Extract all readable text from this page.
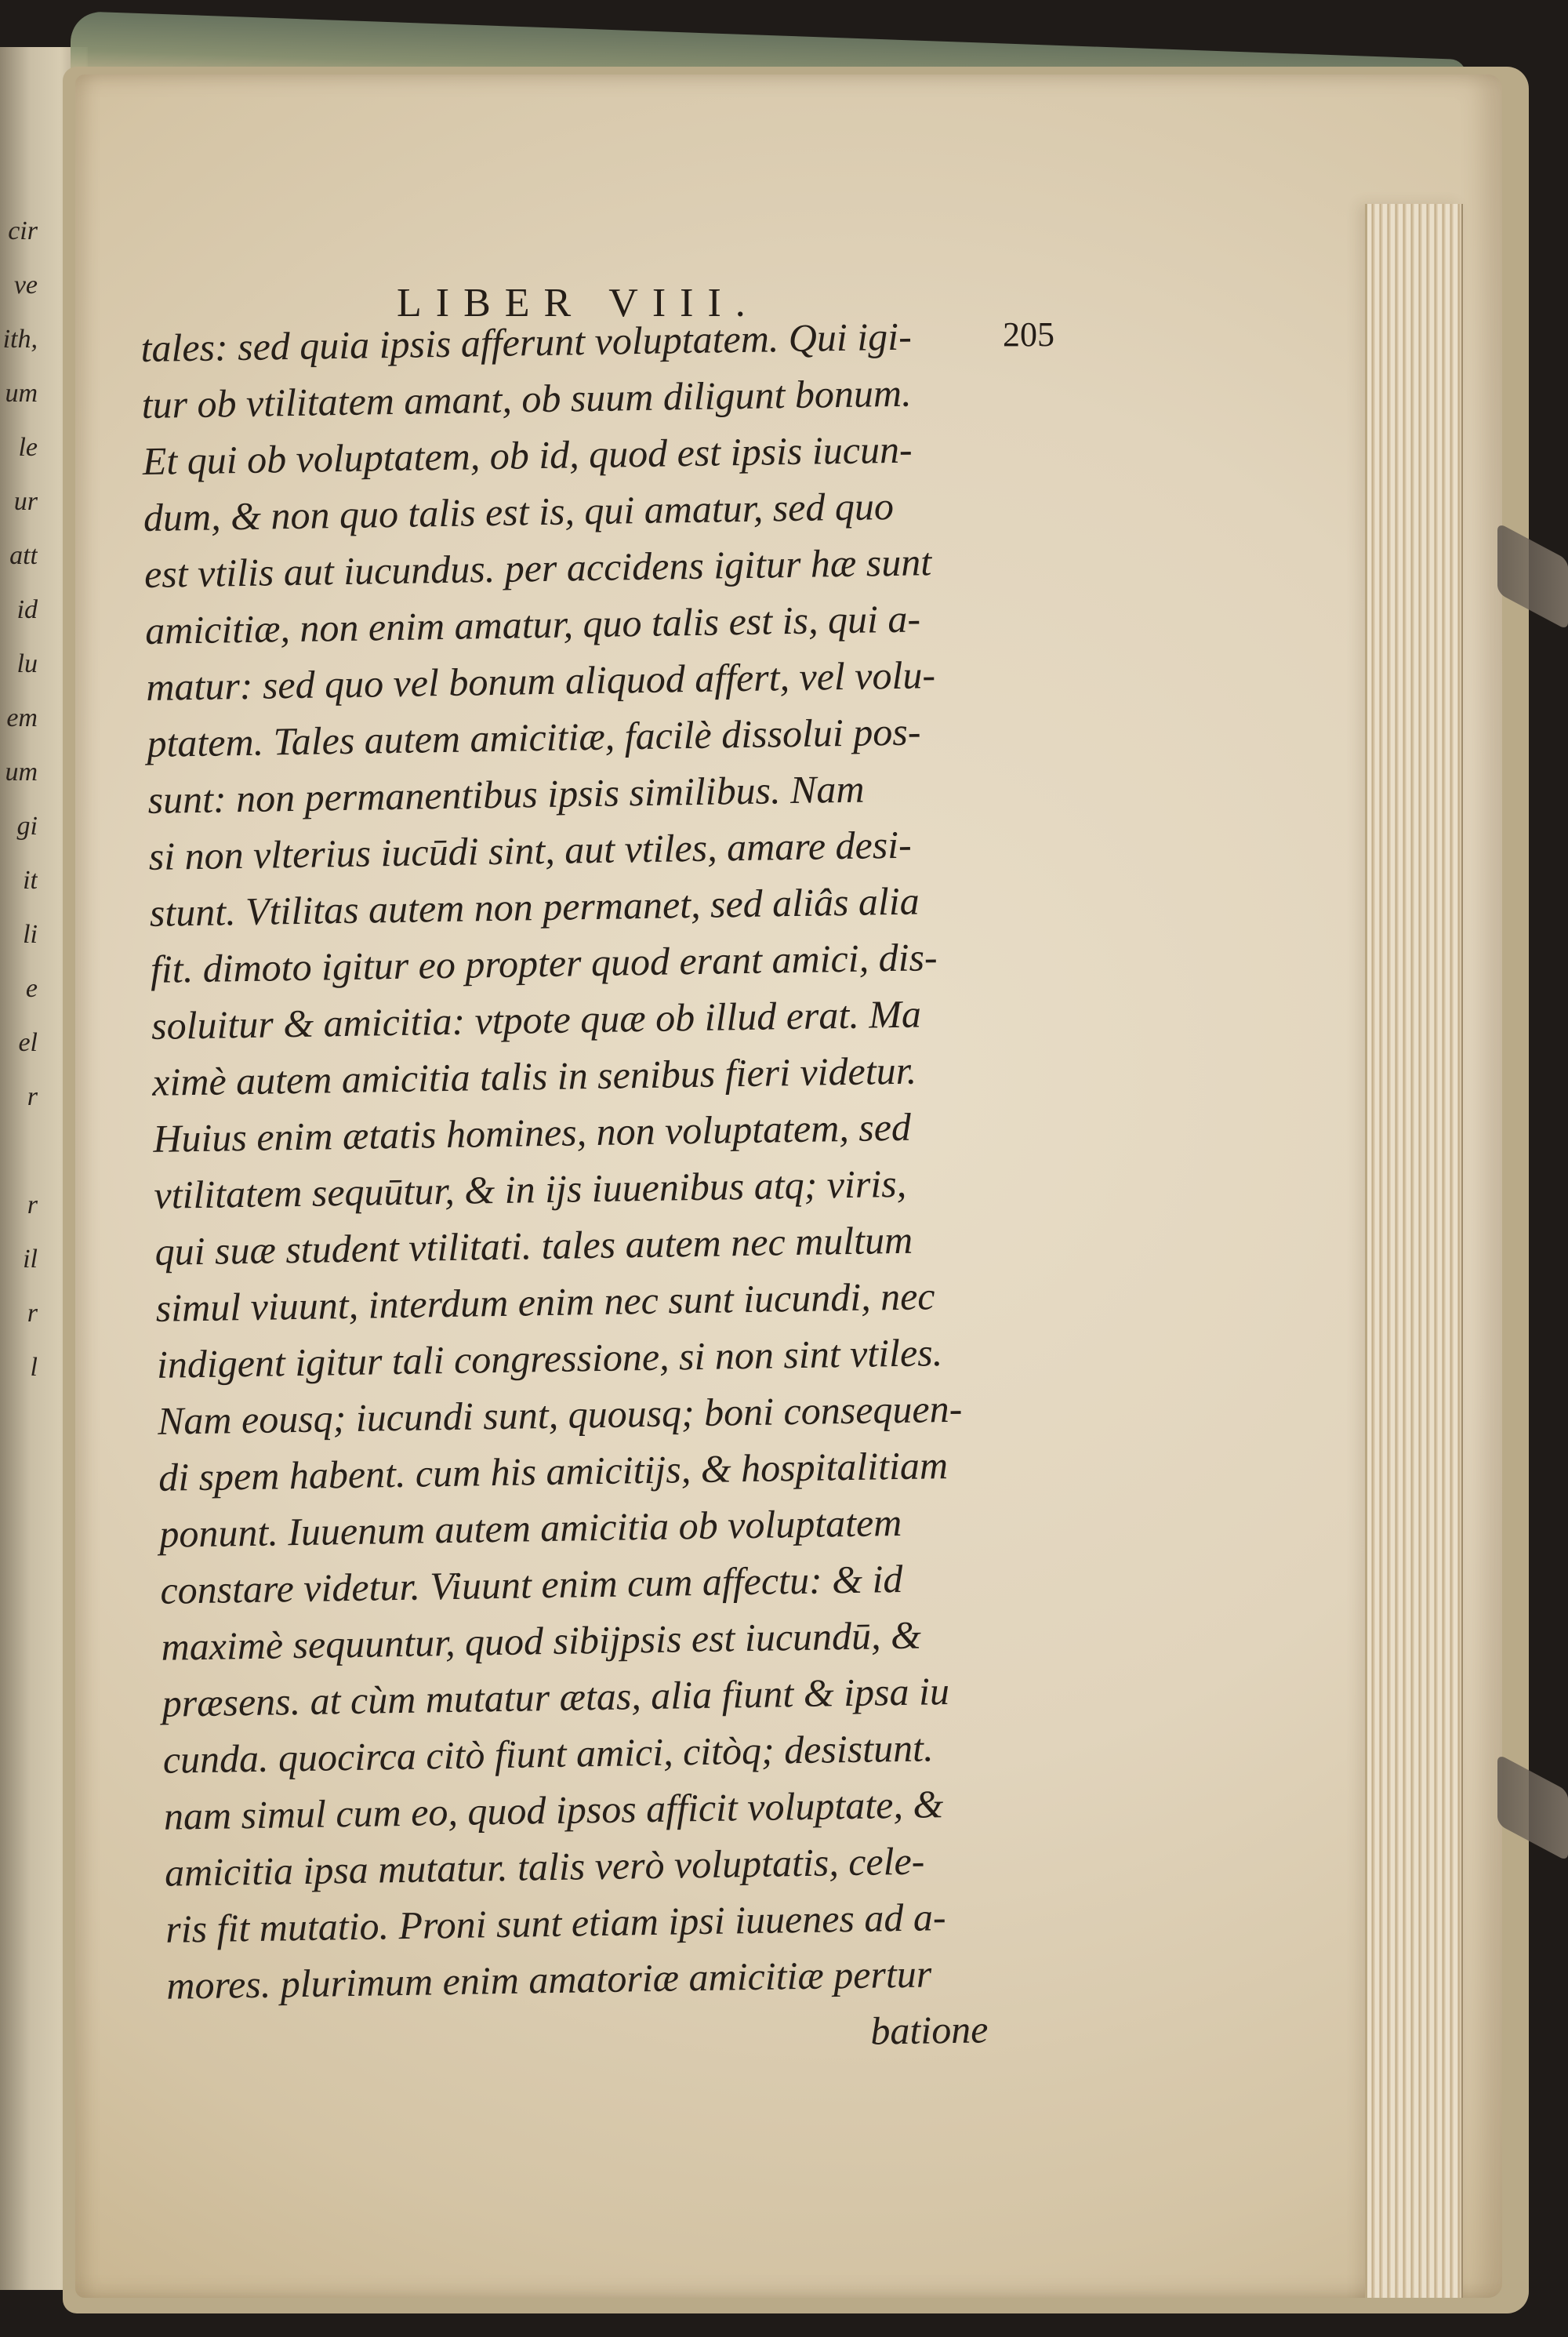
cir
ve
ith,
um
le
ur
att
id
lu
em
um
gi
it
li
e
el
r
r
il
r
l
LIBER VIII.
205
tales: sed quia ipsis afferunt voluptatem. Qui igi-
tur ob vtilitatem amant, ob suum diligunt bonum.
Et qui ob voluptatem, ob id, quod est ipsis iucun-
dum, & non quo talis est is, qui amatur, sed quo
est vtilis aut iucundus. per accidens igitur hæ sunt
amicitiæ, non enim amatur, quo talis est is, qui a-
matur: sed quo vel bonum aliquod affert, vel volu-
ptatem. Tales autem amicitiæ, facilè dissolui pos-
sunt: non permanentibus ipsis similibus. Nam
si non vlterius iucūdi sint, aut vtiles, amare desi-
stunt. Vtilitas autem non permanet, sed aliâs alia
fit. dimoto igitur eo propter quod erant amici, dis-
soluitur & amicitia: vtpote quæ ob illud erat. Ma
ximè autem amicitia talis in senibus fieri videtur.
Huius enim ætatis homines, non voluptatem, sed
vtilitatem sequūtur, & in ijs iuuenibus atq; viris,
qui suæ student vtilitati. tales autem nec multum
simul viuunt, interdum enim nec sunt iucundi, nec
indigent igitur tali congressione, si non sint vtiles.
Nam eousq; iucundi sunt, quousq; boni consequen-
di spem habent. cum his amicitijs, & hospitalitiam
ponunt. Iuuenum autem amicitia ob voluptatem
constare videtur. Viuunt enim cum affectu: & id
maximè sequuntur, quod sibijpsis est iucundū, &
præsens. at cùm mutatur ætas, alia fiunt & ipsa iu
cunda. quocirca citò fiunt amici, citòq; desistunt.
nam simul cum eo, quod ipsos afficit voluptate, &
amicitia ipsa mutatur. talis verò voluptatis, cele-
ris fit mutatio. Proni sunt etiam ipsi iuuenes ad a-
mores. plurimum enim amatoriæ amicitiæ pertur
batione
